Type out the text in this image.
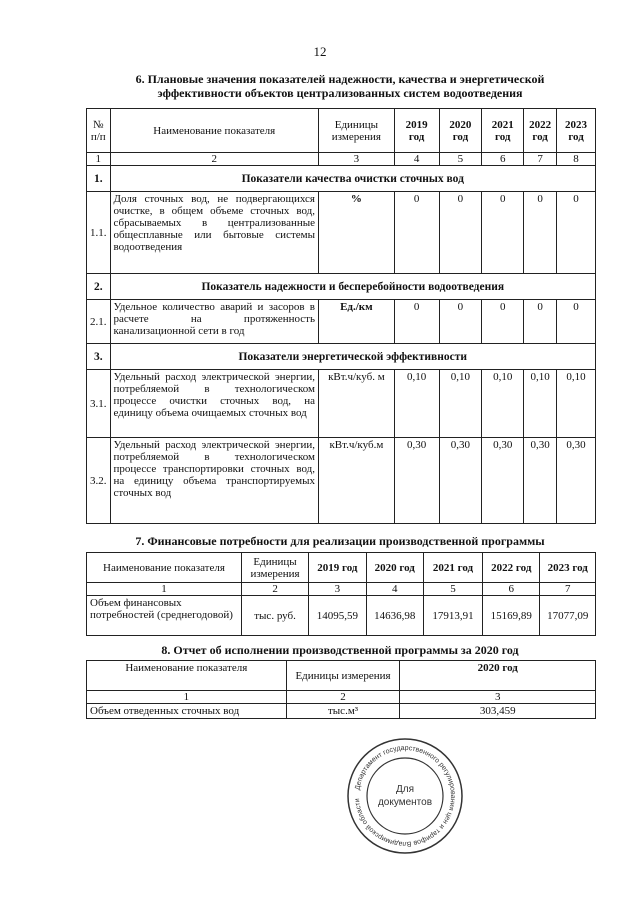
12
6. Плановые значения показателей надежности, качества и энергетической
эффективности объектов централизованных систем водоотведения
№ п/п	Наименование показателя	Единицы измерения	2019 год	2020 год	2021 год	2022 год	2023 год
1	2	3	4	5	6	7	8
1.	Показатели качества очистки сточных вод						
1.1.	Доля сточных вод, не подвергающихся очистке, в общем объеме сточных вод, сбрасываемых в централизованные общесплавные или бытовые системы водоотведения	%	0	0	0	0	0
2.	Показатель надежности и бесперебойности водоотведения						
2.1.	Удельное количество аварий и засоров в расчете на протяженность канализационной сети в год	Ед./км	0	0	0	0	0
3.	Показатели энергетической эффективности						
3.1.	Удельный расход электрической энергии, потребляемой в технологическом процессе очистки сточных вод, на единицу объема очищаемых сточных вод	кВт.ч/куб. м	0,10	0,10	0,10	0,10	0,10
3.2.	Удельный расход электрической энергии, потребляемой в технологическом процессе транспортировки сточных вод, на единицу объема транспортируемых сточных вод	кВт.ч/куб.м	0,30	0,30	0,30	0,30	0,30
7. Финансовые потребности для реализации производственной программы
Наименование показателя	Единицы измерения	2019 год	2020 год	2021 год	2022 год	2023 год
1	2	3	4	5	6	7
Объем финансовых потребностей (среднегодовой)	тыс. руб.	14095,59	14636,98	17913,91	15169,89	17077,09
8. Отчет об исполнении производственной программы за 2020 год
Наименование показателя	Единицы измерения	2020 год
1	2	3
Объем отведенных сточных вод	тыс.м³	303,459
Департамент государственного регулирования цен и тарифов Владимирской области
Для
документов
